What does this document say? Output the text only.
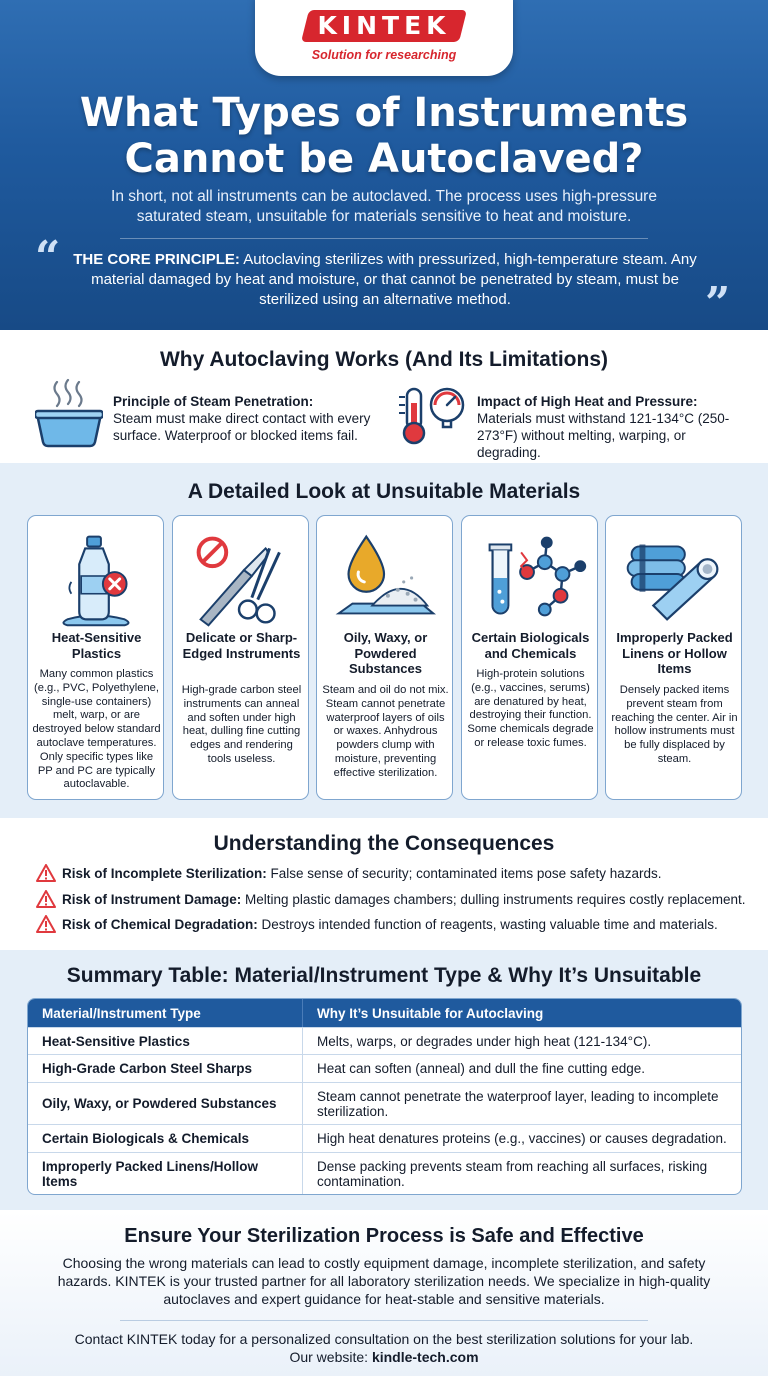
KINTEK
Solution for researching
What Types of Instruments
Cannot be Autoclaved?
In short, not all instruments can be autoclaved. The process uses high-pressure saturated steam, unsuitable for materials sensitive to heat and moisture.
“ THE CORE PRINCIPLE: Autoclaving sterilizes with pressurized, high-temperature steam. Any material damaged by heat and moisture, or that cannot be penetrated by steam, must be sterilized using an alternative method.	”
Why Autoclaving Works (And Its Limitations)
Principle of Steam Penetration:
Steam must make direct contact with every surface. Waterproof or blocked items fail.
Impact of High Heat and Pressure:
Materials must withstand 121-134°C (250-273°F) without melting, warping, or degrading.
A Detailed Look at Unsuitable Materials
Heat-Sensitive Plastics
Many common plastics (e.g., PVC, Polyethylene, single-use containers) melt, warp, or are destroyed below standard autoclave temperatures. Only specific types like PP and PC are typically autoclavable.
Delicate or Sharp-Edged Instruments
High-grade carbon steel instruments can anneal and soften under high heat, dulling fine cutting edges and rendering tools useless.
Oily, Waxy, or Powdered Substances
Steam and oil do not mix. Steam cannot penetrate waterproof layers of oils or waxes. Anhydrous powders clump with moisture, preventing effective sterilization.
Certain Biologicals and Chemicals
High-protein solutions (e.g., vaccines, serums) are denatured by heat, destroying their function. Some chemicals degrade or release toxic fumes.
Improperly Packed Linens or Hollow Items
Densely packed items prevent steam from reaching the center. Air in hollow instruments must be fully displaced by steam.
Understanding the Consequences
Risk of Incomplete Sterilization: False sense of security; contaminated items pose safety hazards.
Risk of Instrument Damage: Melting plastic damages chambers; dulling instruments requires costly replacement.
Risk of Chemical Degradation: Destroys intended function of reagents, wasting valuable time and materials.
Summary Table: Material/Instrument Type & Why It’s Unsuitable
Material/Instrument Type	Why It’s Unsuitable for Autoclaving
Heat-Sensitive Plastics	Melts, warps, or degrades under high heat (121-134°C).
High-Grade Carbon Steel Sharps	Heat can soften (anneal) and dull the fine cutting edge.
Oily, Waxy, or Powdered Substances	Steam cannot penetrate the waterproof layer, leading to incomplete sterilization.
Certain Biologicals & Chemicals	High heat denatures proteins (e.g., vaccines) or causes degradation.
Improperly Packed Linens/Hollow Items	Dense packing prevents steam from reaching all surfaces, risking contamination.
Ensure Your Sterilization Process is Safe and Effective
Choosing the wrong materials can lead to costly equipment damage, incomplete sterilization, and safety hazards. KINTEK is your trusted partner for all laboratory sterilization needs. We specialize in high-quality autoclaves and expert guidance for heat-stable and sensitive materials.
Contact KINTEK today for a personalized consultation on the best sterilization solutions for your lab.
Our website: kindle-tech.com
